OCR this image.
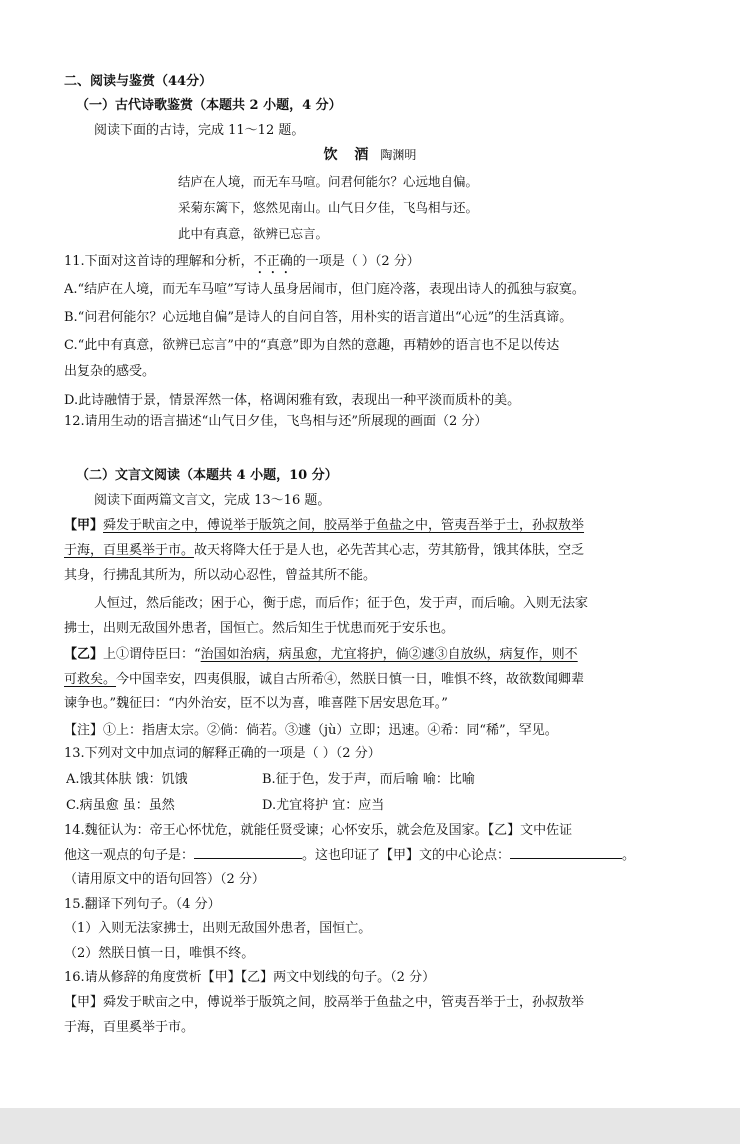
二、阅读与鉴赏（44分）
（一）古代诗歌鉴赏（本题共 2 小题，4 分）
阅读下面的古诗，完成 11～12 题。
饮 酒 陶渊明
结庐在人境，而无车马喧。问君何能尔？心远地自偏。
采菊东篱下，悠然见南山。山气日夕佳，飞鸟相与还。
此中有真意，欲辨已忘言。
11.下面对这首诗的理解和分析，不正确的一项是（ ）（2 分）
A.“结庐在人境，而无车马喧”写诗人虽身居闹市，但门庭冷落，表现出诗人的孤独与寂寞。
B.“问君何能尔？心远地自偏”是诗人的自问自答，用朴实的语言道出“心远”的生活真谛。
C.“此中有真意，欲辨已忘言”中的“真意”即为自然的意趣，再精妙的语言也不足以传达
出复杂的感受。
D.此诗融情于景，情景浑然一体，格调闲雅有致，表现出一种平淡而质朴的美。
12.请用生动的语言描述“山气日夕佳，飞鸟相与还”所展现的画面（2 分）
（二）文言文阅读（本题共 4 小题，10 分）
阅读下面两篇文言文，完成 13～16 题。
【甲】舜发于畎亩之中，傅说举于版筑之间，胶鬲举于鱼盐之中，管夷吾举于士，孙叔敖举
于海，百里奚举于市。故天将降大任于是人也，必先苦其心志，劳其筋骨，饿其体肤，空乏
其身，行拂乱其所为，所以动心忍性，曾益其所不能。
人恒过，然后能改；困于心，衡于虑，而后作；征于色，发于声，而后喻。入则无法家
拂士，出则无敌国外患者，国恒亡。然后知生于忧患而死于安乐也。
【乙】上①谓侍臣曰：“治国如治病，病虽愈，尤宜将护，倘②遽③自放纵，病复作，则不
可救矣。今中国幸安，四夷俱服，诚自古所希④，然朕日慎一日，唯惧不终，故欲数闻卿辈
谏争也。”魏征曰：“内外治安，臣不以为喜，唯喜陛下居安思危耳。”
【注】①上：指唐太宗。②倘：倘若。③遽（jù）立即；迅速。④希：同“稀”，罕见。
13.下列对文中加点词的解释正确的一项是（ ）（2 分）
A.饿其体肤 饿：饥饿	B.征于色，发于声，而后喻 喻：比喻
C.病虽愈 虽：虽然	D.尤宜将护 宜：应当
14.魏征认为：帝王心怀忧危，就能任贤受谏；心怀安乐，就会危及国家。【乙】文中佐证
他这一观点的句子是：	。这也印证了【甲】文的中心论点：	。
（请用原文中的语句回答）（2 分）
15.翻译下列句子。（4 分）
（1）入则无法家拂士，出则无敌国外患者，国恒亡。
（2）然朕日慎一日，唯惧不终。
16.请从修辞的角度赏析【甲】【乙】两文中划线的句子。（2 分）
【甲】舜发于畎亩之中，傅说举于版筑之间，胶鬲举于鱼盐之中，管夷吾举于士，孙叔敖举
于海，百里奚举于市。
